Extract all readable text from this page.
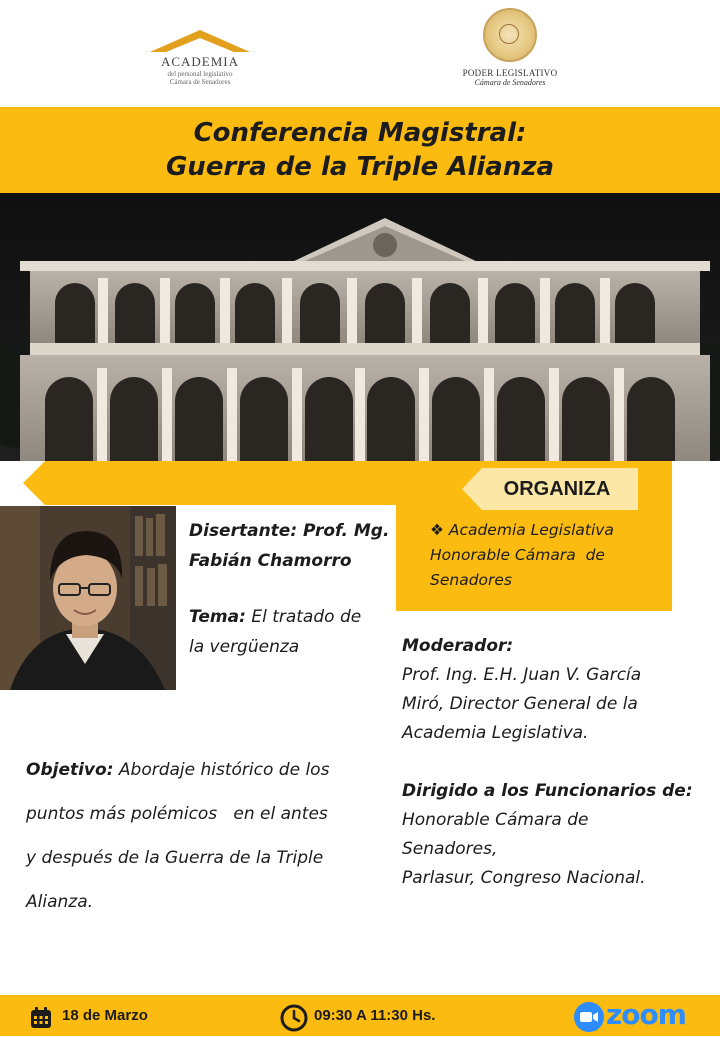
ACADEMIA
del personal legislativo
Cámara de Senadores
PODER LEGISLATIVO
Cámara de Senadores
Conferencia Magistral:
Guerra de la Triple Alianza
ORGANIZA
❖ Academia Legislativa
Honorable Cámara  de
Senadores
Disertante: Prof. Mg.
Fabián Chamorro
Tema: El tratado de
la vergüenza	Moderador:
Prof. Ing. E.H. Juan V. García
Miró, Director General de la
Academia Legislativa.
Objetivo: Abordaje histórico de los
puntos más polémicos   en el antes
y después de la Guerra de la Triple
Alianza.
Dirigido a los Funcionarios de:
Honorable Cámara de
Senadores,
Parlasur, Congreso Nacional.
18 de Marzo	09:30 A 11:30 Hs.	zoom
